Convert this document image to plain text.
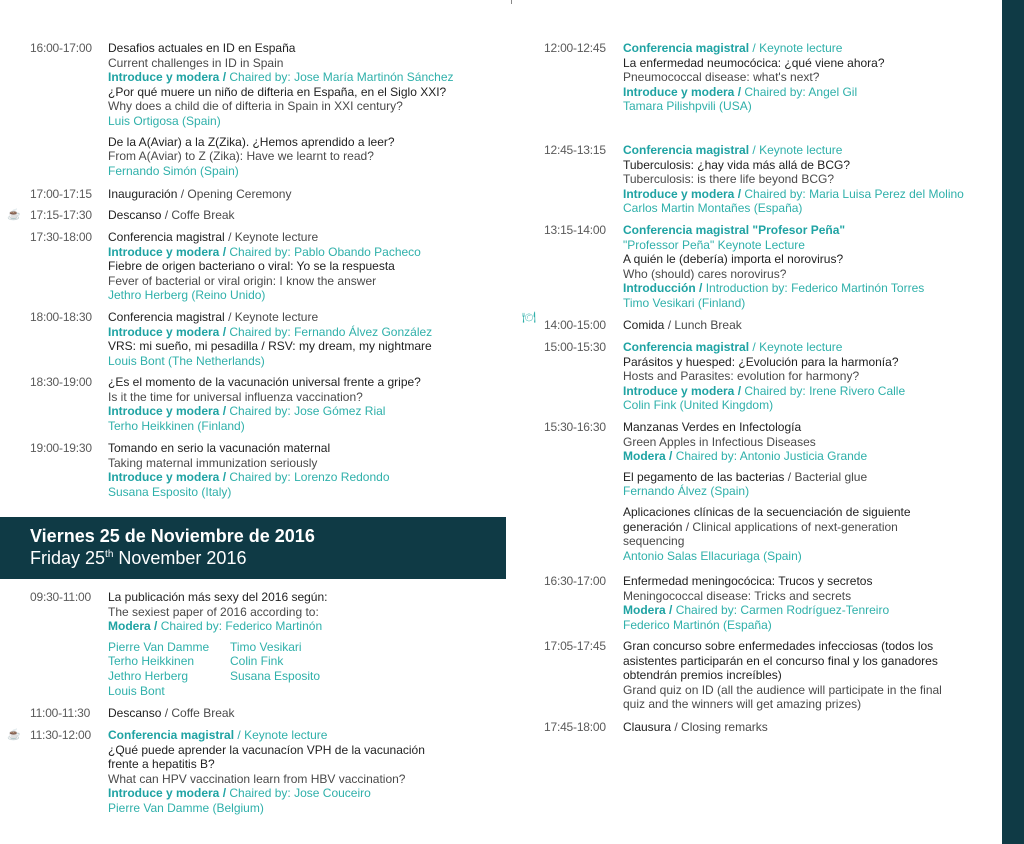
16:00-17:00 Desafios actuales en ID en España
Current challenges in ID in Spain
Introduce y modera / Chaired by: Jose María Martinón Sánchez
¿Por qué muere un niño de difteria en España, en el Siglo XXI?
Why does a child die of difteria in Spain in XXI century?
Luis Ortigosa (Spain)
De la A(Aviar) a la Z(Zika). ¿Hemos aprendido a leer?
From A(Aviar) to Z (Zika): Have we learnt to read?
Fernando Simón (Spain)
17:00-17:15 Inauguración / Opening Ceremony
☕ 17:15-17:30 Descanso / Coffe Break
17:30-18:00 Conferencia magistral / Keynote lecture
Introduce y modera / Chaired by: Pablo Obando Pacheco
Fiebre de origen bacteriano o viral: Yo se la respuesta
Fever of bacterial or viral origin: I know the answer
Jethro Herberg (Reino Unido)
18:00-18:30 Conferencia magistral / Keynote lecture
Introduce y modera / Chaired by: Fernando Álvez González
VRS: mi sueño, mi pesadilla / RSV: my dream, my nightmare
Louis Bont (The Netherlands)
18:30-19:00 ¿Es el momento de la vacunación universal frente a gripe?
Is it the time for universal influenza vaccination?
Introduce y modera / Chaired by: Jose Gómez Rial
Terho Heikkinen (Finland)
19:00-19:30 Tomando en serio la vacunación maternal
Taking maternal immunization seriously
Introduce y modera / Chaired by: Lorenzo Redondo
Susana Esposito (Italy)
09:30-11:00 La publicación más sexy del 2016 según:
The sexiest paper of 2016 according to:
Modera / Chaired by: Federico Martinón
Pierre Van Damme
Terho Heikkinen
Jethro Herberg
Louis Bont
Timo Vesikari
Colin Fink
Susana Esposito
11:00-11:30 Descanso / Coffe Break
☕ 11:30-12:00 Conferencia magistral / Keynote lecture
¿Qué puede aprender la vacunacíon VPH de la vacunación
frente a hepatitis B?
What can HPV vaccination learn from HBV vaccination?
Introduce y modera / Chaired by: Jose Couceiro
Pierre Van Damme (Belgium)
Viernes 25 de Noviembre de 2016
Friday 25th November 2016
12:00-12:45 Conferencia magistral / Keynote lecture
La enfermedad neumocócica: ¿qué viene ahora?
Pneumococcal disease: what's next?
Introduce y modera / Chaired by: Angel Gil
Tamara Pilishpvili (USA)
12:45-13:15 Conferencia magistral / Keynote lecture
Tuberculosis: ¿hay vida más allá de BCG?
Tuberculosis: is there life beyond BCG?
Introduce y modera / Chaired by: Maria Luisa Perez del Molino
Carlos Martin Montañes (España)
13:15-14:00 Conferencia magistral "Profesor Peña"
"Professor Peña" Keynote Lecture
A quién le (debería) importa el norovirus?
Who (should) cares norovirus?
Introducción / Introduction by: Federico Martinón Torres
Timo Vesikari (Finland)
🍽 14:00-15:00 Comida / Lunch Break
15:00-15:30 Conferencia magistral / Keynote lecture
Parásitos y huesped: ¿Evolución para la harmonía?
Hosts and Parasites: evolution for harmony?
Introduce y modera / Chaired by: Irene Rivero Calle
Colin Fink (United Kingdom)
15:30-16:30 Manzanas Verdes en Infectología
Green Apples in Infectious Diseases
Modera / Chaired by: Antonio Justicia Grande
El pegamento de las bacterias / Bacterial glue
Fernando Álvez (Spain)
Aplicaciones clínicas de la secuenciación de siguiente
generación / Clinical applications of next-generation
sequencing
Antonio Salas Ellacuriaga (Spain)
16:30-17:00 Enfermedad meningocócica: Trucos y secretos
Meningococcal disease: Tricks and secrets
Modera / Chaired by: Carmen Rodríguez-Tenreiro
Federico Martinón (España)
17:05-17:45 Gran concurso sobre enfermedades infecciosas (todos los
asistentes participarán en el concurso final y los ganadores
obtendrán premios increíbles)
Grand quiz on ID (all the audience will participate in the final
quiz and the winners will get amazing prizes)
17:45-18:00 Clausura / Closing remarks
